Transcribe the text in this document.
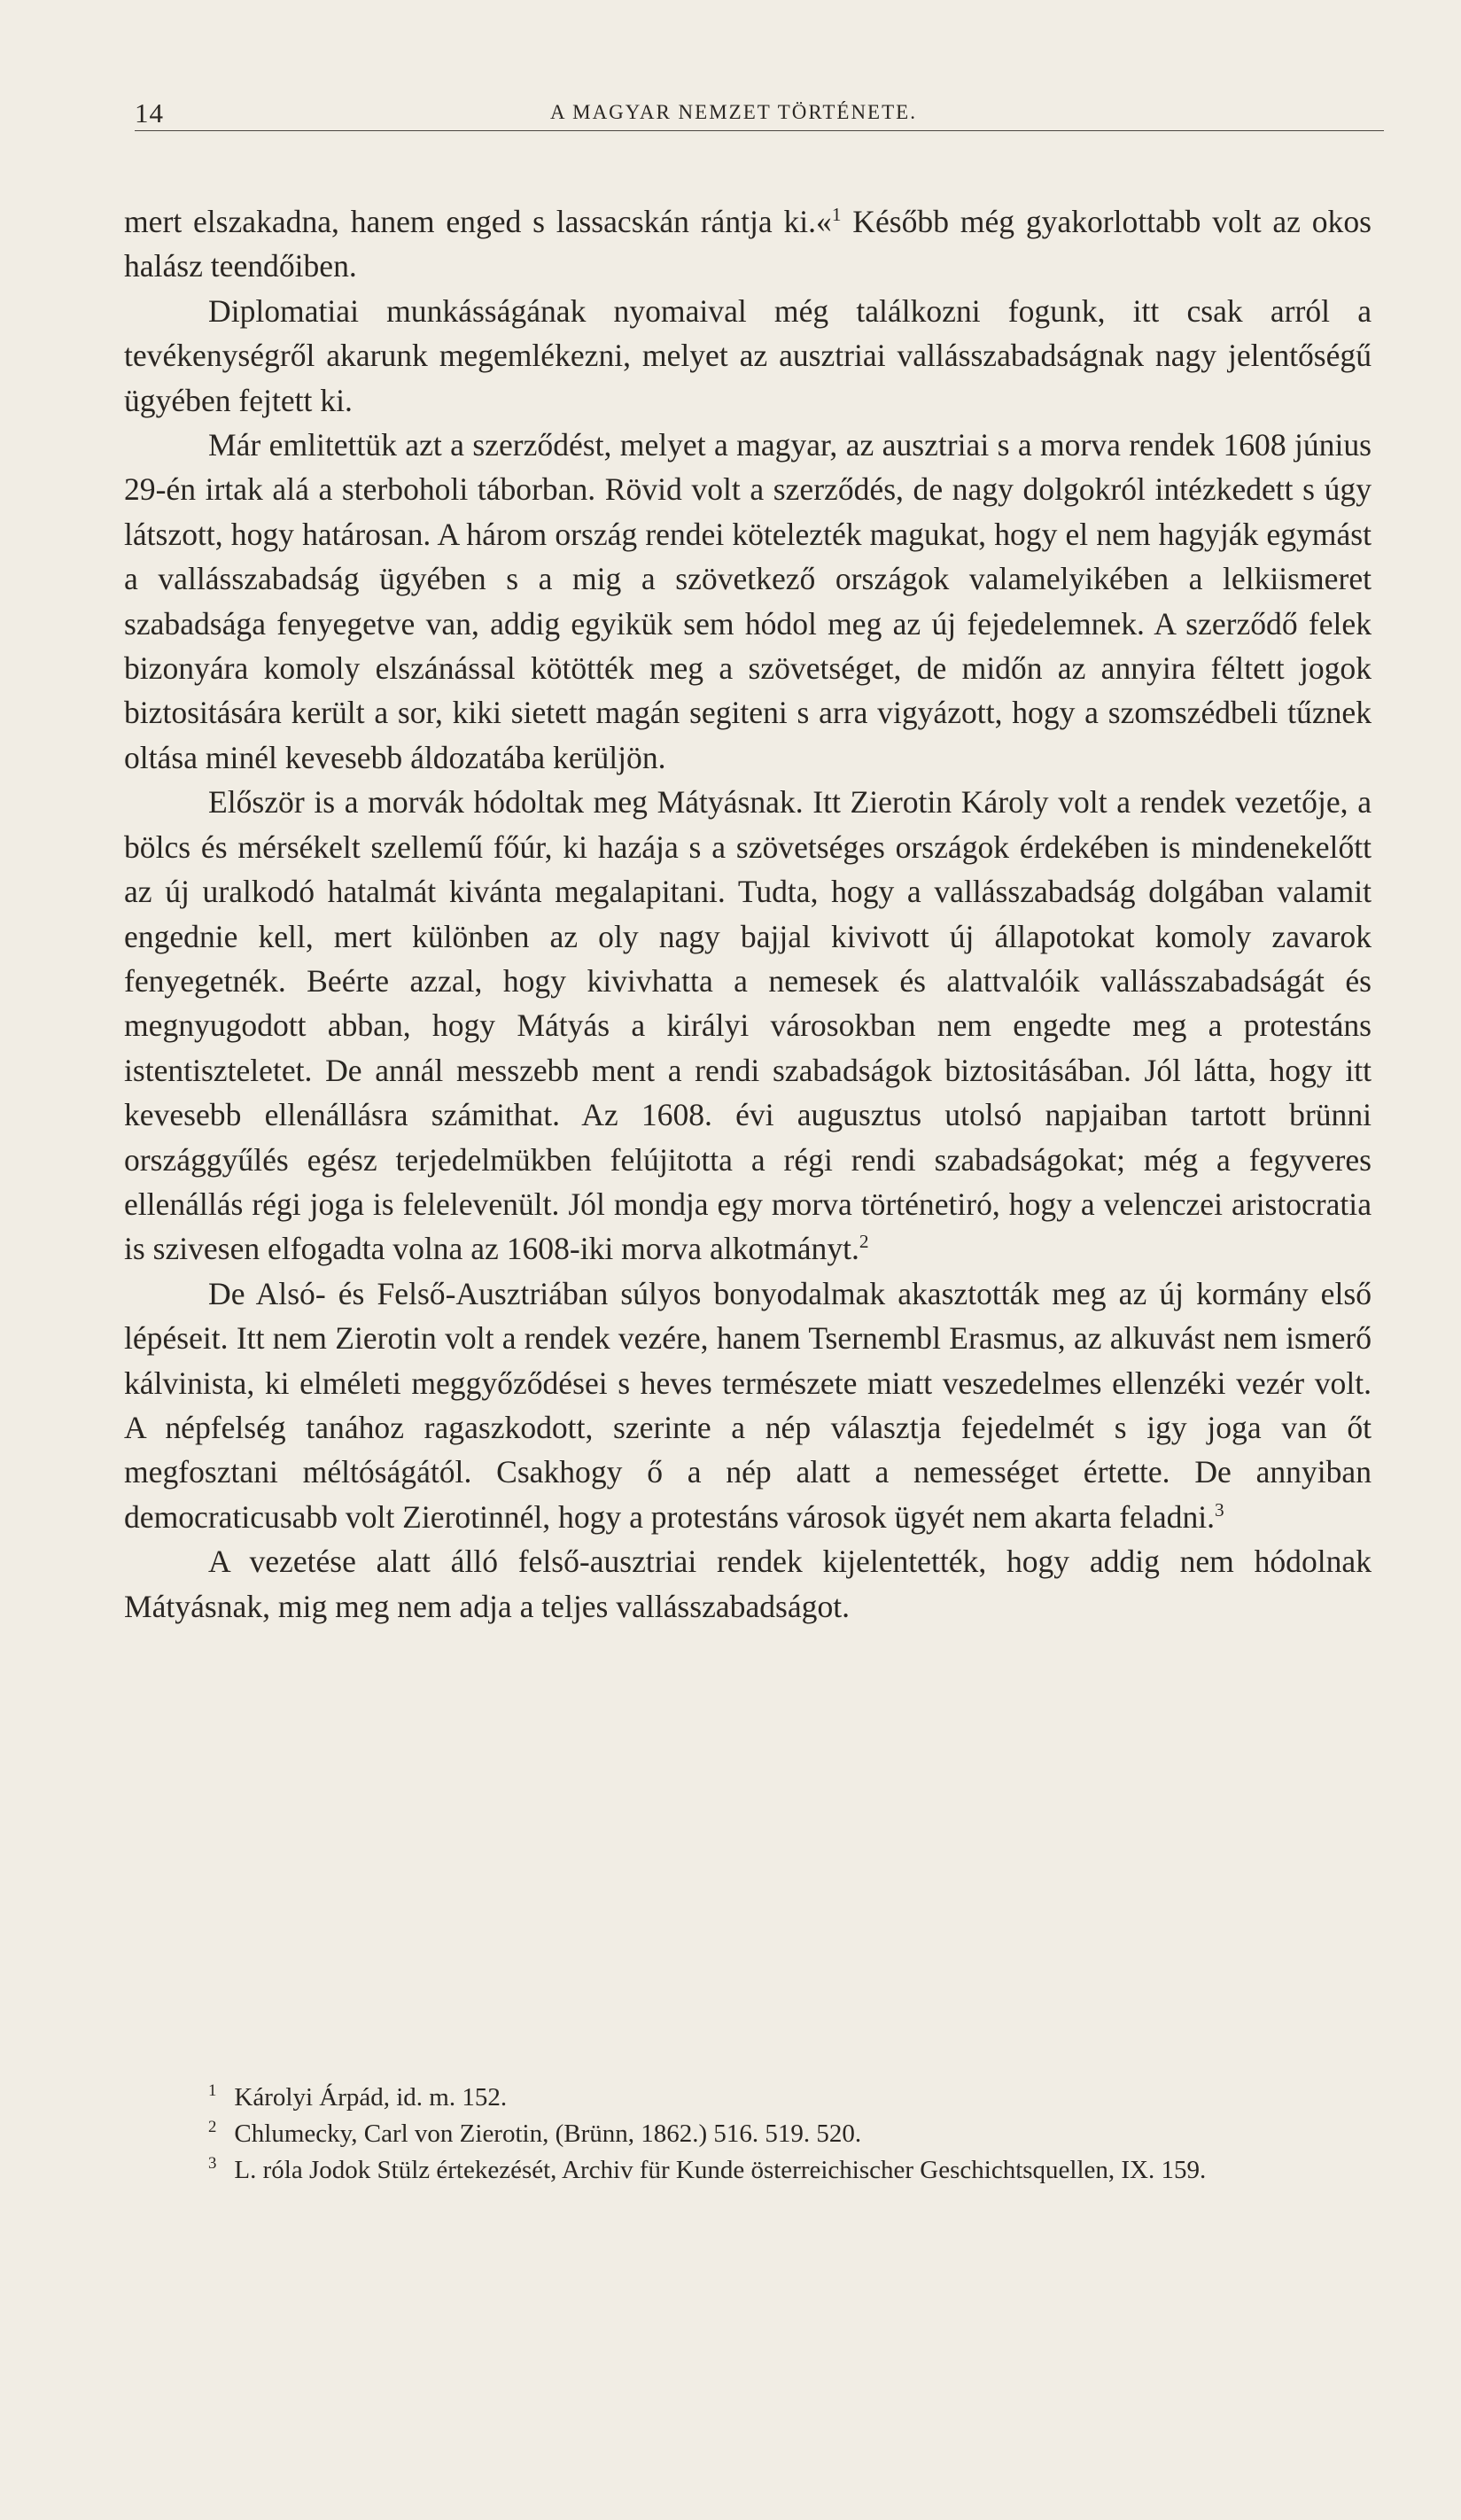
14	A MAGYAR NEMZET TÖRTÉNETE.

mert elszakadna, hanem enged s lassacskán rántja ki.«$^1$ Később még gyakorlottabb volt az okos halász teendőiben.

Diplomatiai munkásságának nyomaival még találkozni fogunk, itt csak arról a tevékenységről akarunk megemlékezni, melyet az ausztriai vallásszabadságnak nagy jelentőségű ügyében fejtett ki.

Már emlitettük azt a szerződést, melyet a magyar, az ausztriai s a morva rendek 1608 június 29-én irtak alá a sterboholi táborban. Rövid volt a szerződés, de nagy dolgokról intézkedett s úgy látszott, hogy határosan. A három ország rendei kötelezték magukat, hogy el nem hagyják egymást a vallásszabadság ügyében s a mig a szövetkező országok valamelyikében a lelkiismeret szabadsága fenyegetve van, addig egyikük sem hódol meg az új fejedelemnek. A szerződő felek bizonyára komoly elszánással kötötték meg a szövetséget, de midőn az annyira féltett jogok biztositására került a sor, kiki sietett magán segiteni s arra vigyázott, hogy a szomszédbeli tűznek oltása minél kevesebb áldozatába kerüljön.

Először is a morvák hódoltak meg Mátyásnak. Itt Zierotin Károly volt a rendek vezetője, a bölcs és mérsékelt szellemű főúr, ki hazája s a szövetséges országok érdekében is mindenekelőtt az új uralkodó hatalmát kivánta megalapitani. Tudta, hogy a vallásszabadság dolgában valamit engednie kell, mert különben az oly nagy bajjal kivivott új állapotokat komoly zavarok fenyegetnék. Beérte azzal, hogy kivivhatta a nemesek és alattvalóik vallásszabadságát és megnyugodott abban, hogy Mátyás a királyi városokban nem engedte meg a protestáns istentiszteletet. De annál messzebb ment a rendi szabadságok biztositásában. Jól látta, hogy itt kevesebb ellenállásra számithat. Az 1608. évi augusztus utolsó napjaiban tartott brünni országgyűlés egész terjedelmükben felújitotta a régi rendi szabadságokat; még a fegyveres ellenállás régi joga is felelevenült. Jól mondja egy morva történetiró, hogy a velenczei aristocratia is szivesen elfogadta volna az 1608-iki morva alkotmányt.$^2$

De Alsó- és Felső-Ausztriában súlyos bonyodalmak akasztották meg az új kormány első lépéseit. Itt nem Zierotin volt a rendek vezére, hanem Tsernembl Erasmus, az alkuvást nem ismerő kálvinista, ki elméleti meggyőződései s heves természete miatt veszedelmes ellenzéki vezér volt. A népfelség tanához ragaszkodott, szerinte a nép választja fejedelmét s igy joga van őt megfosztani méltóságától. Csakhogy ő a nép alatt a nemességet értette. De annyiban democraticusabb volt Zierotinnél, hogy a protestáns városok ügyét nem akarta feladni.$^3$

A vezetése alatt álló felső-ausztriai rendek kijelentették, hogy addig nem hódolnak Mátyásnak, mig meg nem adja a teljes vallásszabadságot.

$^1$ Károlyi Árpád, id. m. 152.

$^2$ Chlumecky, Carl von Zierotin, (Brünn, 1862.) 516. 519. 520.

$^3$ L. róla Jodok Stülz értekezését, Archiv für Kunde österreichischer Geschichtsquellen, IX. 159.
